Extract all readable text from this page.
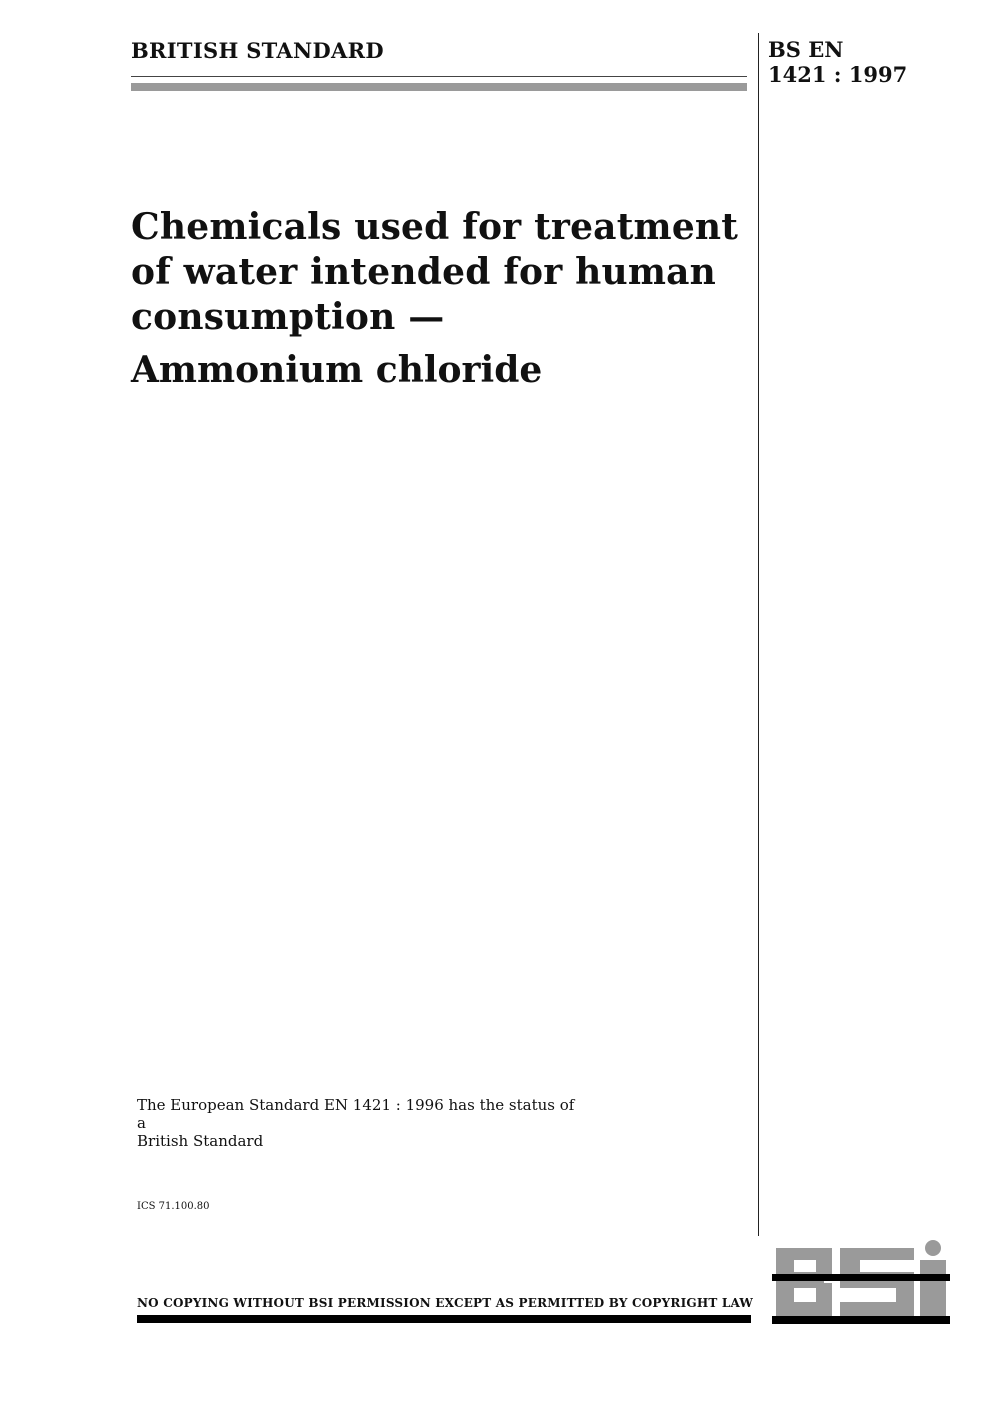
BRITISH STANDARD	BS EN
1421 : 1997
Chemicals used for treatment
of water intended for human
consumption —
Ammonium chloride
The European Standard EN 1421 : 1996 has the status of a
British Standard
ICS 71.100.80
NO COPYING WITHOUT BSI PERMISSION EXCEPT AS PERMITTED BY COPYRIGHT LAW
